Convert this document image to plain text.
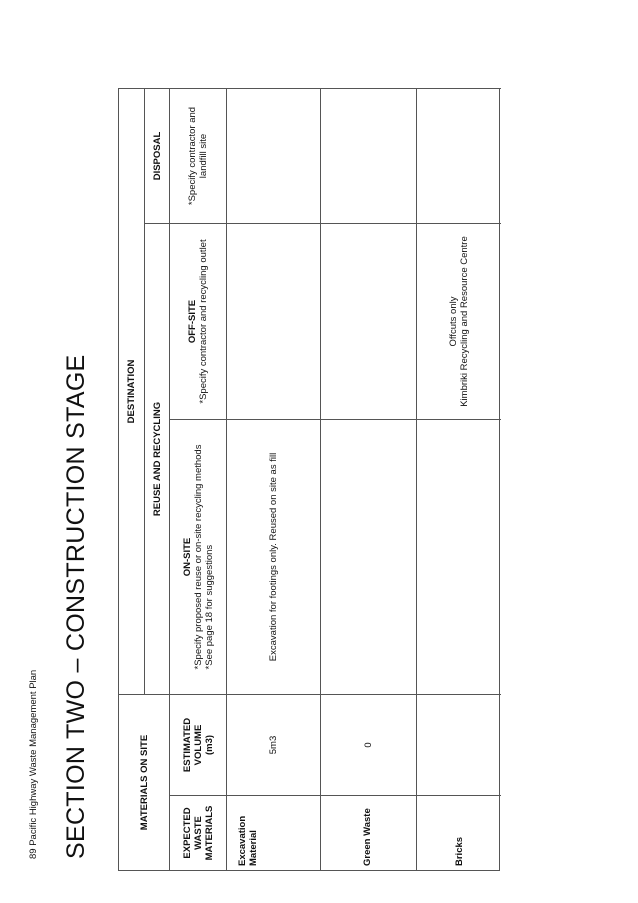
89 Pacific Highway Waste Management Plan SECTION TWO – CONSTRUCTION STAGE	MATERIALS ON SITE
DESTINATION
REUSE AND RECYCLING
DISPOSAL
EXPECTED WASTE MATERIALS
ESTIMATED VOLUME (m3)
ON-SITE *Specify proposed reuse or on-site recycling methods *See page 18 for suggestions
OFF-SITE *Specify contractor and recycling outlet
*Specify contractor and landfill site
Excavation Material
5m3
Excavation for footings only. Reused on site as fill
Green Waste
0
Bricks
Offcuts only Kimbriki Recycling and Resource Centre
